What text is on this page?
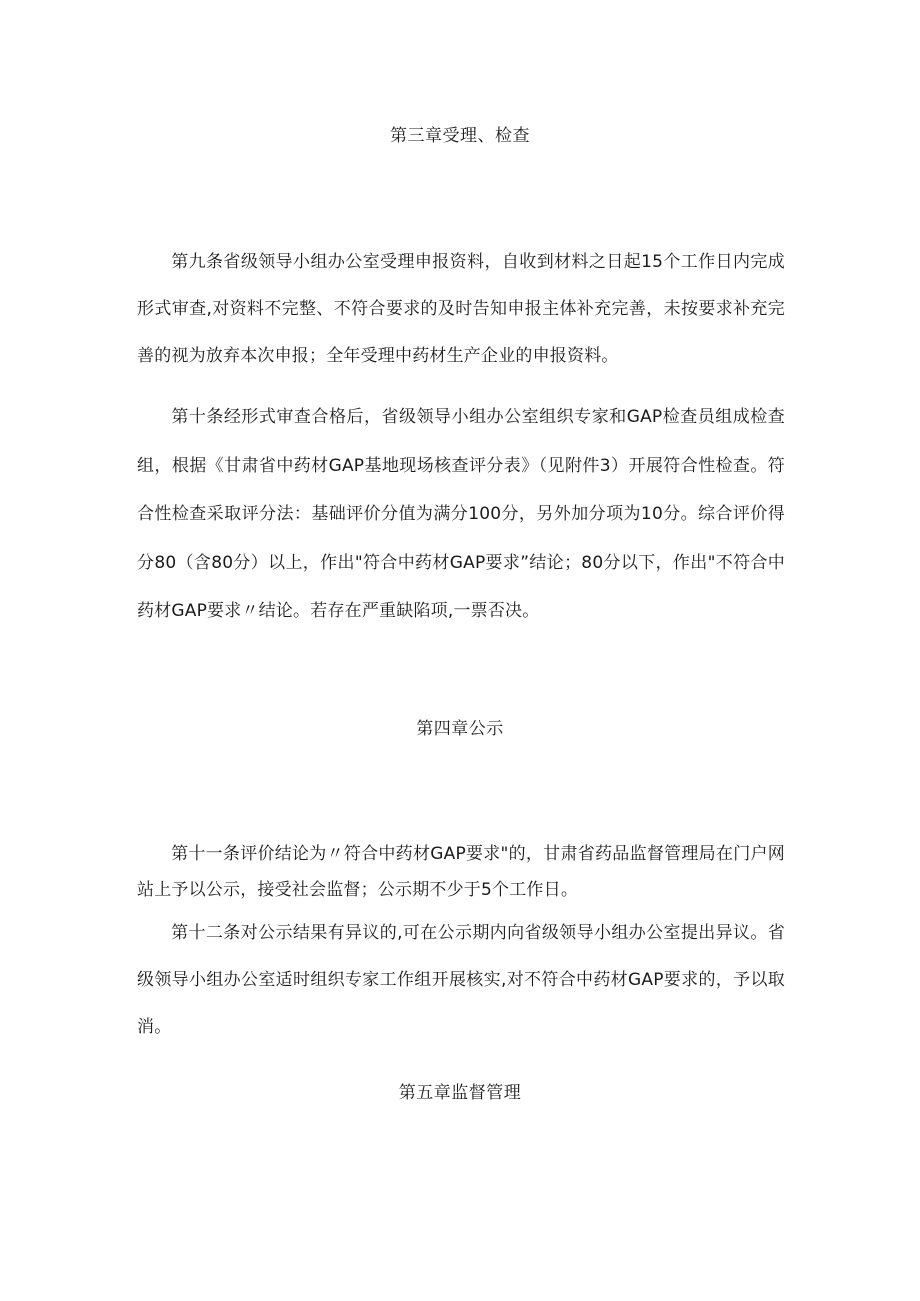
第三章受理、检查

第九条省级领导小组办公室受理申报资料，自收到材料之日起15个工作日内完成形式审查,对资料不完整、不符合要求的及时告知申报主体补充完善，未按要求补充完善的视为放弃本次申报；全年受理中药材生产企业的申报资料。

第十条经形式审查合格后，省级领导小组办公室组织专家和GAP检查员组成检查组，根据《甘肃省中药材GAP基地现场核查评分表》（见附件3）开展符合性检查。符合性检查采取评分法：基础评价分值为满分100分，另外加分项为10分。综合评价得分80（含80分）以上，作出"符合中药材GAP要求”结论；80分以下，作出"不符合中药材GAP要求〃结论。若存在严重缺陷项,一票否决。

第四章公示

第十一条评价结论为〃符合中药材GAP要求"的，甘肃省药品监督管理局在门户网站上予以公示，接受社会监督；公示期不少于5个工作日。

第十二条对公示结果有异议的,可在公示期内向省级领导小组办公室提出异议。省级领导小组办公室适时组织专家工作组开展核实,对不符合中药材GAP要求的，予以取消。

第五章监督管理
